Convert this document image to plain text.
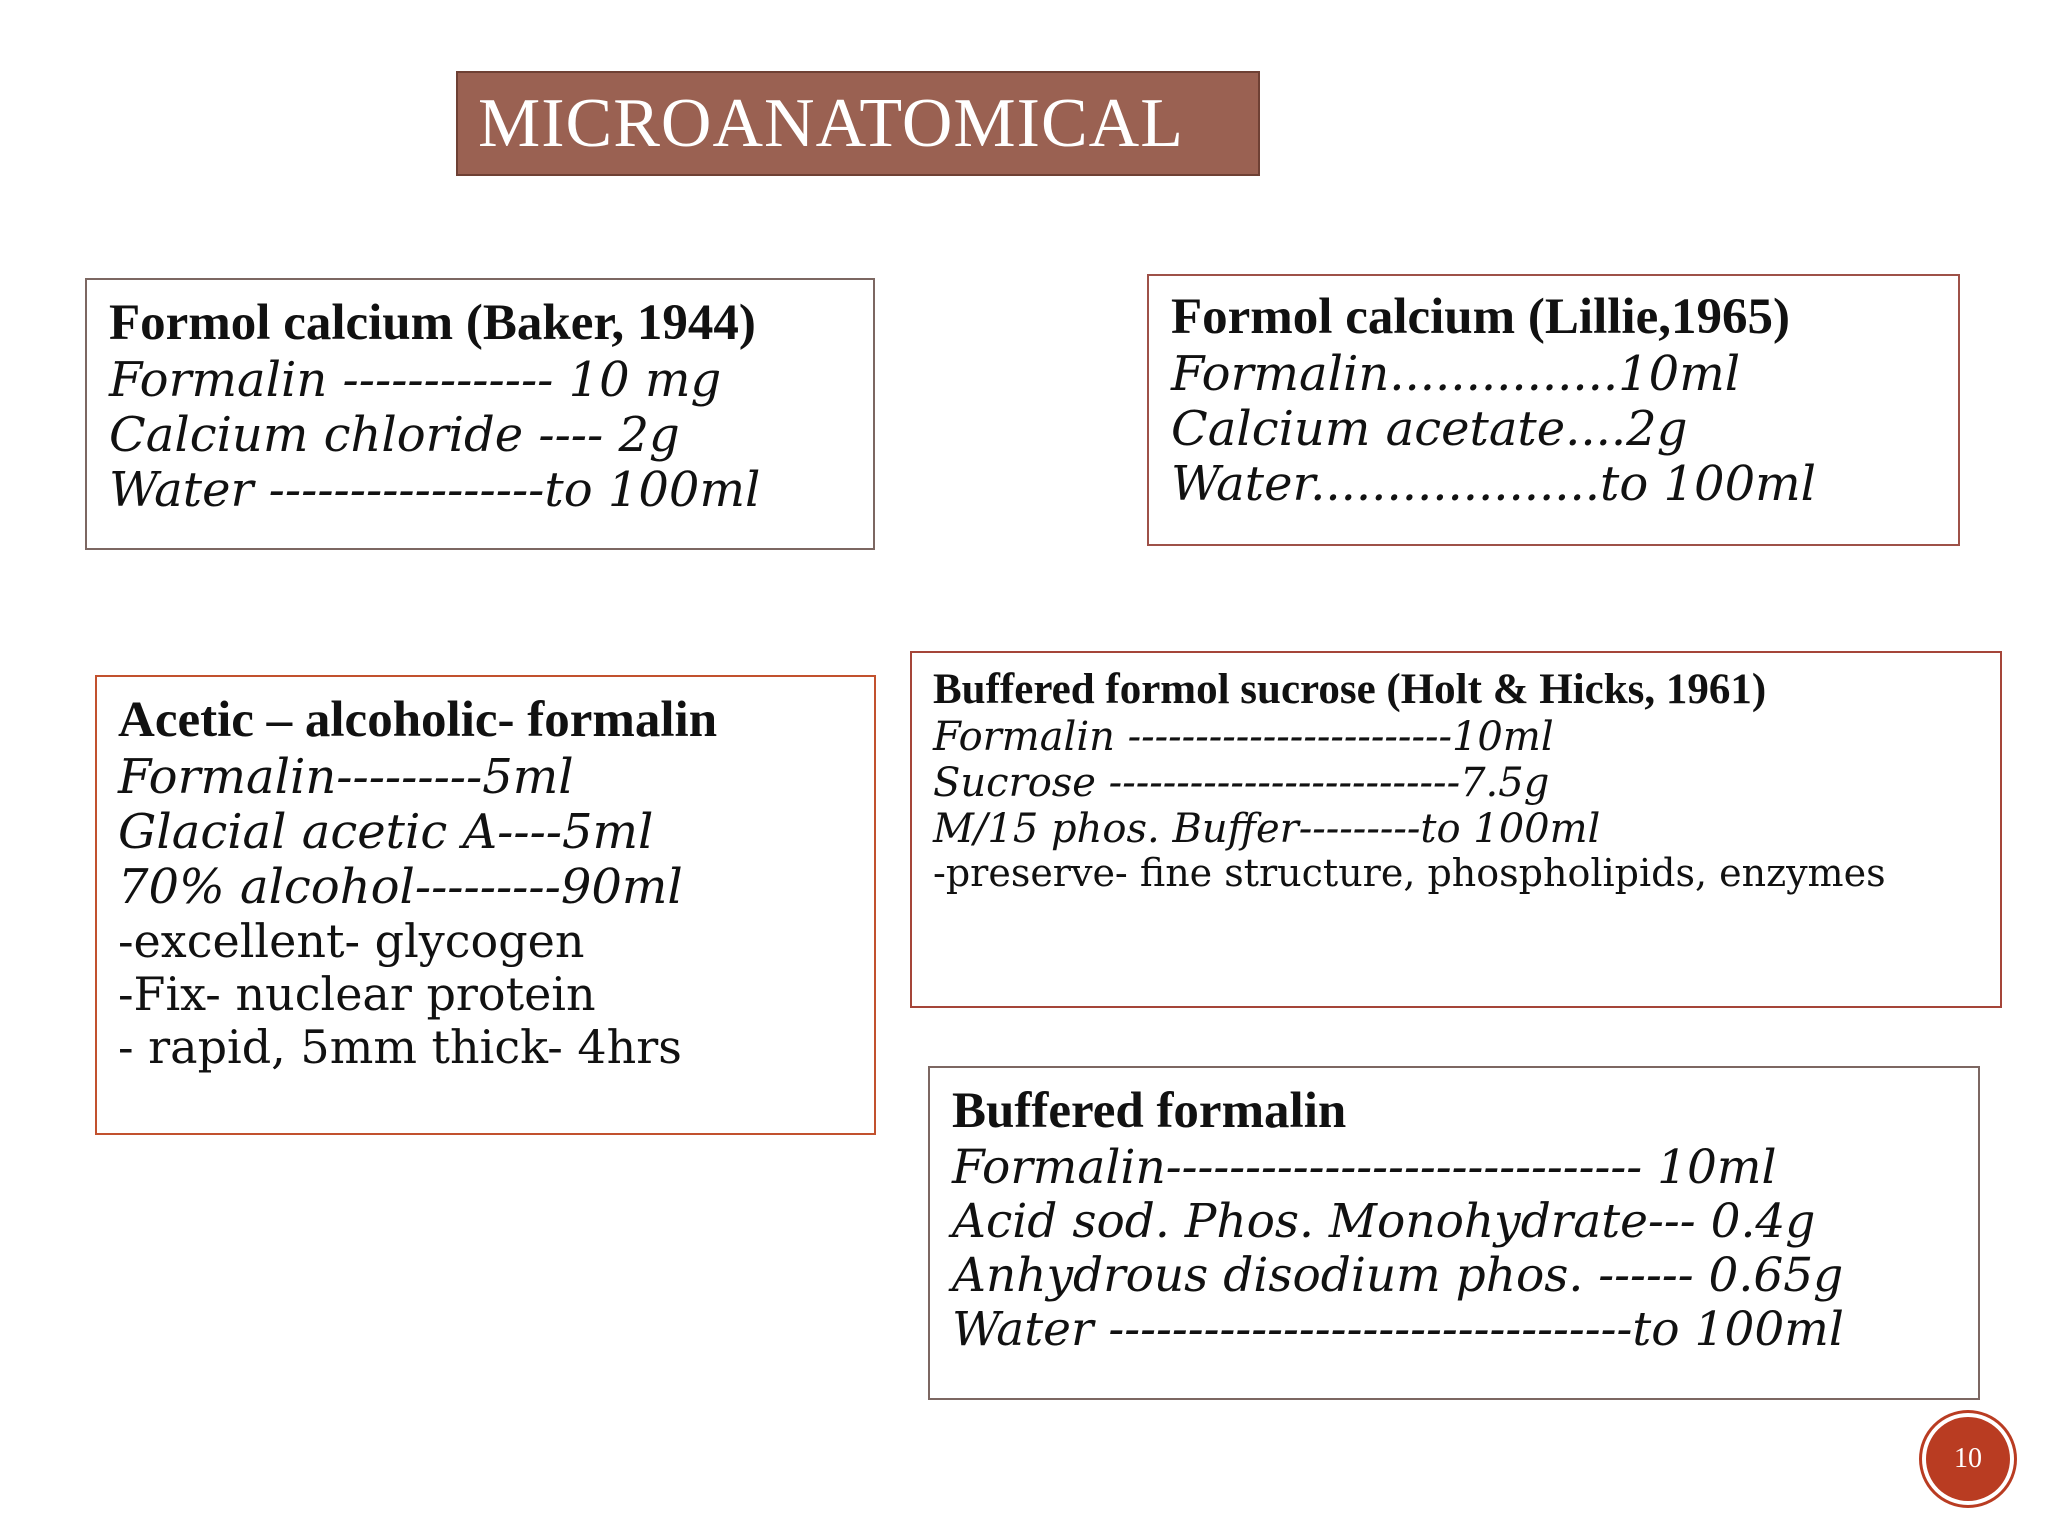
MICROANATOMICAL
Formol calcium (Baker, 1944)
Formalin ------------- 10 mg
Calcium chloride ---- 2g
Water -----------------to 100ml
Formol calcium (Lillie,1965)
Formalin...............10ml
Calcium acetate....2g
Water...................to 100ml
Acetic – alcoholic- formalin
Formalin---------5ml
Glacial acetic A----5ml
70% alcohol---------90ml
-excellent- glycogen
-Fix- nuclear protein
- rapid, 5mm thick- 4hrs
Buffered formol sucrose (Holt & Hicks, 1961)
Formalin ------------------------10ml
Sucrose --------------------------7.5g
M/15 phos. Buffer---------to 100ml
-preserve- fine structure, phospholipids, enzymes
Buffered formalin
Formalin------------------------------ 10ml
Acid sod. Phos. Monohydrate--- 0.4g
Anhydrous disodium phos. ------ 0.65g
Water ---------------------------------to 100ml
10
